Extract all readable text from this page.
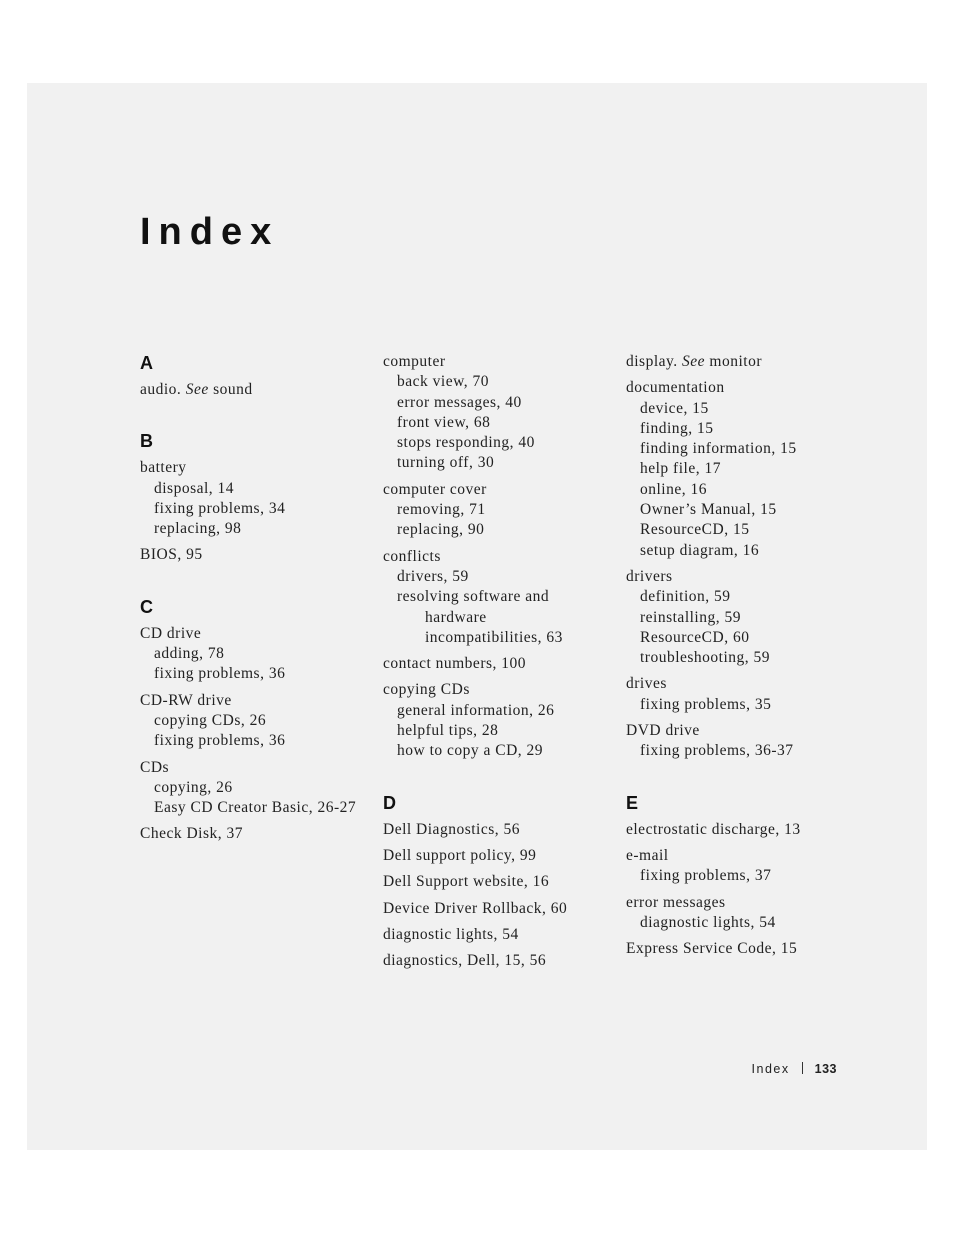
Index
A
audio. See sound
B
battery
disposal, 14
fixing problems, 34
replacing, 98
BIOS, 95
C
CD drive
adding, 78
fixing problems, 36
CD-RW drive
copying CDs, 26
fixing problems, 36
CDs
copying, 26
Easy CD Creator Basic, 26-27
Check Disk, 37
computer
back view, 70
error messages, 40
front view, 68
stops responding, 40
turning off, 30
computer cover
removing, 71
replacing, 90
conflicts
drivers, 59
resolving software and
hardware
incompatibilities, 63
contact numbers, 100
copying CDs
general information, 26
helpful tips, 28
how to copy a CD, 29
D
Dell Diagnostics, 56
Dell support policy, 99
Dell Support website, 16
Device Driver Rollback, 60
diagnostic lights, 54
diagnostics, Dell, 15, 56
display. See monitor
documentation
device, 15
finding, 15
finding information, 15
help file, 17
online, 16
Owner’s Manual, 15
ResourceCD, 15
setup diagram, 16
drivers
definition, 59
reinstalling, 59
ResourceCD, 60
troubleshooting, 59
drives
fixing problems, 35
DVD drive
fixing problems, 36-37
E
electrostatic discharge, 13
e-mail
fixing problems, 37
error messages
diagnostic lights, 54
Express Service Code, 15
Index 133
